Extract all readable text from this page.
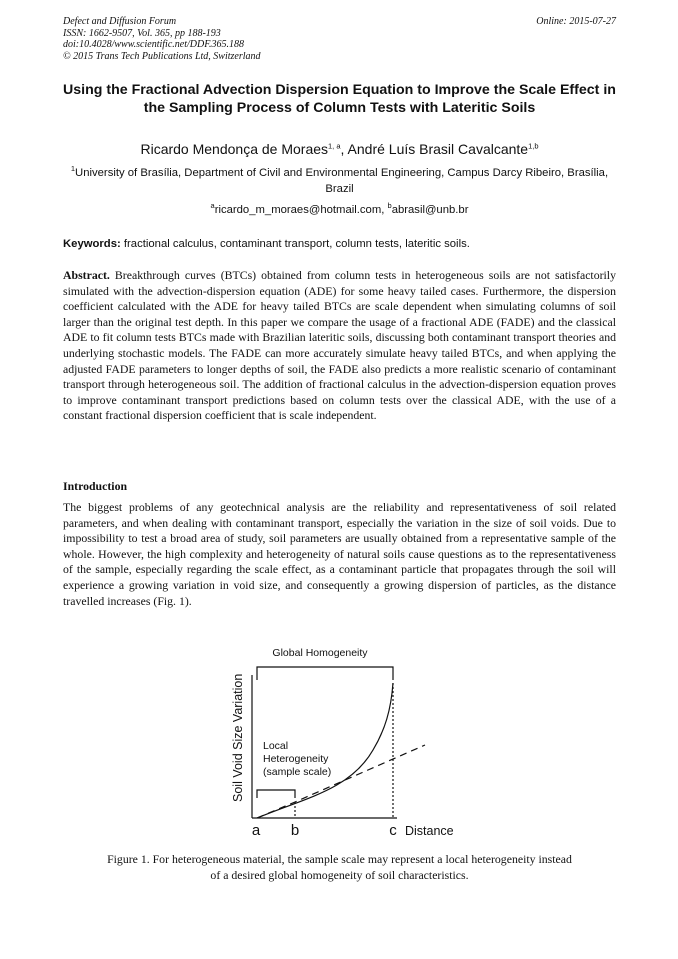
Defect and Diffusion Forum
ISSN: 1662-9507, Vol. 365, pp 188-193
doi:10.4028/www.scientific.net/DDF.365.188
© 2015 Trans Tech Publications Ltd, Switzerland
Online: 2015-07-27
Using the Fractional Advection Dispersion Equation to Improve the Scale Effect in the Sampling Process of Column Tests with Lateritic Soils
Ricardo Mendonça de Moraes$^{1, a}$, André Luís Brasil Cavalcante$^{1,b}$
$^1$University of Brasília, Department of Civil and Environmental Engineering, Campus Darcy Ribeiro, Brasília, Brazil
$^a$ricardo_m_moraes@hotmail.com, $^b$abrasil@unb.br
Keywords: fractional calculus, contaminant transport, column tests, lateritic soils.
Abstract. Breakthrough curves (BTCs) obtained from column tests in heterogeneous soils are not satisfactorily simulated with the advection-dispersion equation (ADE) for some heavy tailed cases. Furthermore, the dispersion coefficient calculated with the ADE for heavy tailed BTCs are scale dependent when simulating columns of soil larger than the original test depth. In this paper we compare the usage of a fractional ADE (FADE) and the classical ADE to fit column tests BTCs made with Brazilian lateritic soils, discussing both contaminant transport theories and underlying stochastic models. The FADE can more accurately simulate heavy tailed BTCs, and when applying the adjusted FADE parameters to longer depths of soil, the FADE also predicts a more realistic scenario of contaminant transport through heterogeneous soil. The addition of fractional calculus in the advection-dispersion equation proves to improve contaminant transport predictions based on column tests over the classical ADE, with the use of a constant fractional dispersion coefficient that is scale independent.
Introduction
The biggest problems of any geotechnical analysis are the reliability and representativeness of soil related parameters, and when dealing with contaminant transport, especially the variation in the size of soil voids. Due to impossibility to test a broad area of study, soil parameters are usually obtained from a representative sample of the whole. However, the high complexity and heterogeneity of natural soils cause questions as to the representativeness of the sample, especially regarding the scale effect, as a contaminant particle that propagates through the soil will experience a growing variation in void size, and consequently a growing dispersion of particles, as the distance travelled increases (Fig. 1).
Global Homogeneity
Local
Heterogeneity
(sample scale)
Soil Void Size Variation
Distance
a b	c
Figure 1. For heterogeneous material, the sample scale may represent a local heterogeneity instead
of a desired global homogeneity of soil characteristics.
